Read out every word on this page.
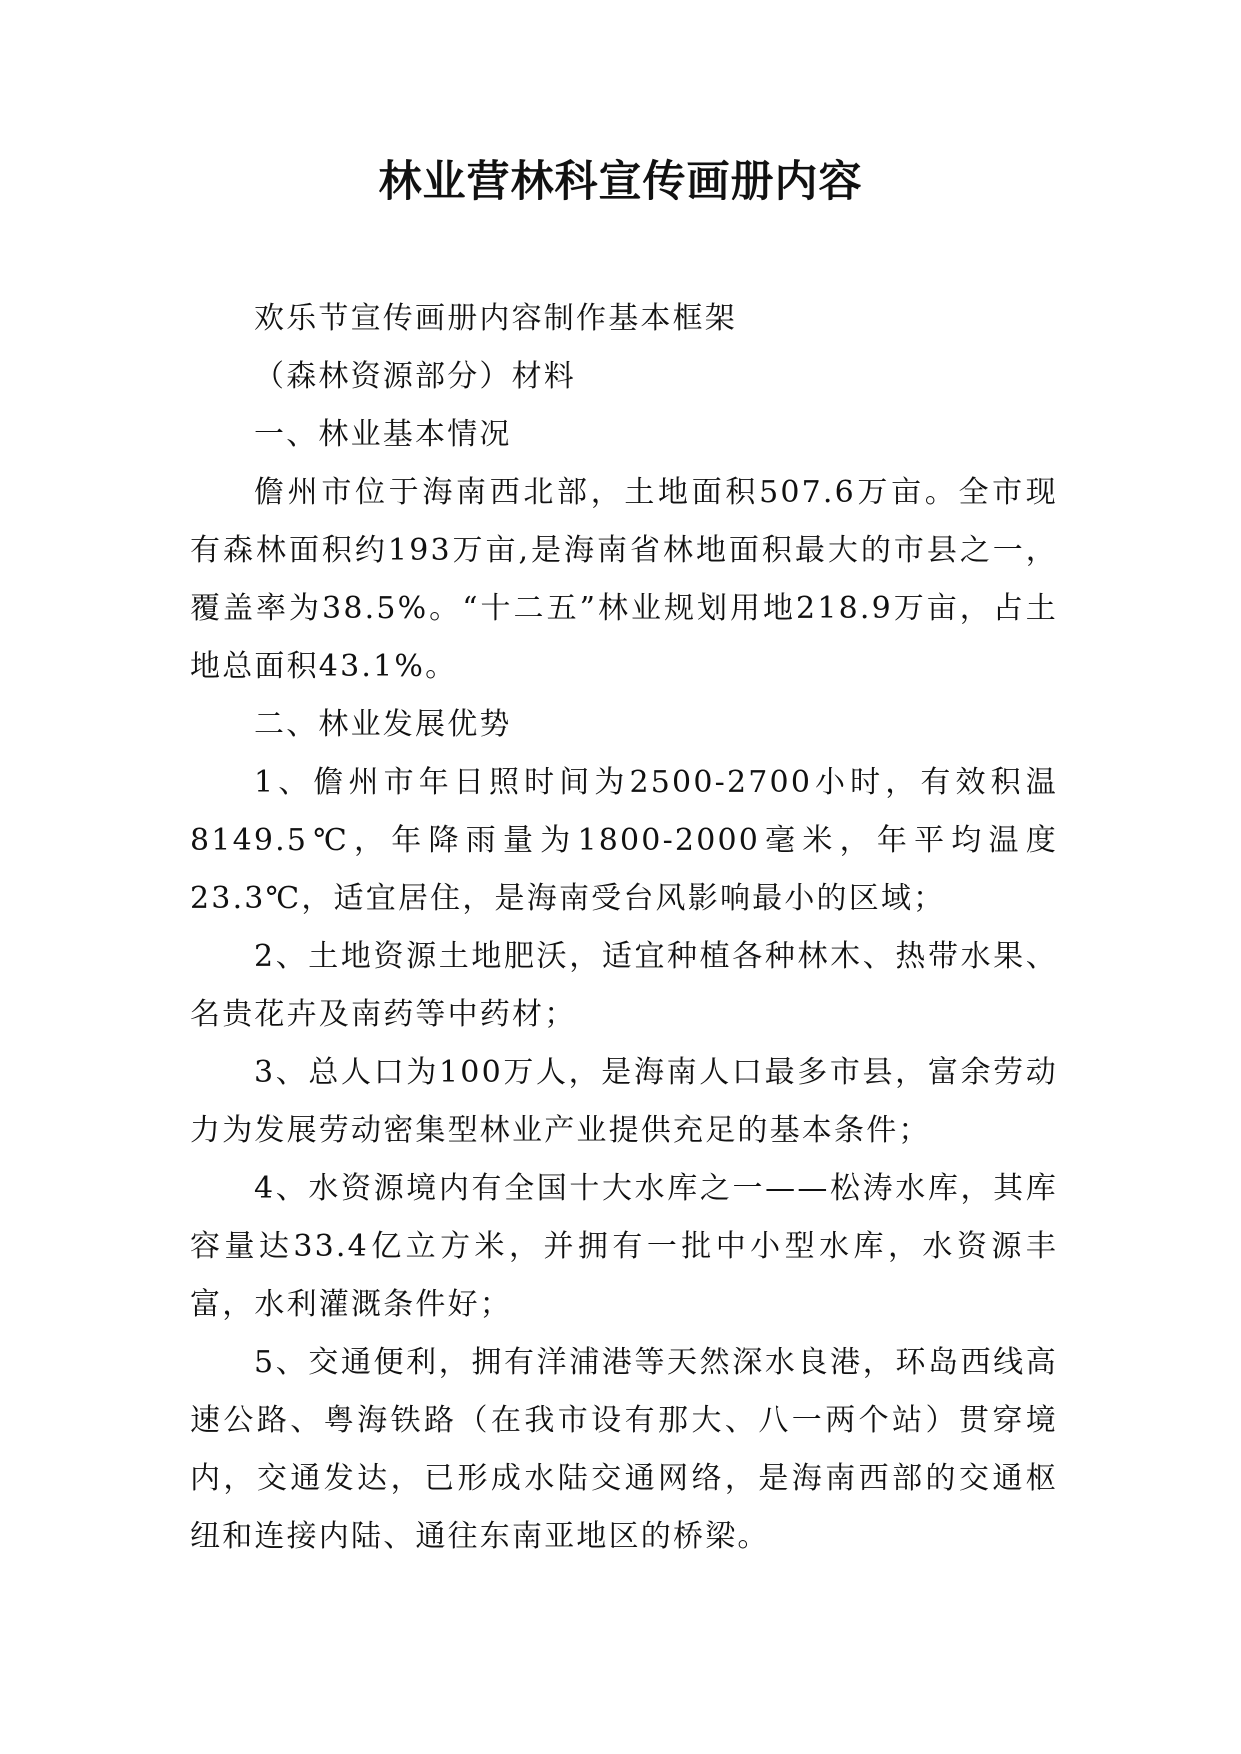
林业营林科宣传画册内容

欢乐节宣传画册内容制作基本框架

（森林资源部分）材料

一、林业基本情况

儋州市位于海南西北部，土地面积507.6万亩。全市现有森林面积约193万亩,是海南省林地面积最大的市县之一，覆盖率为38.5%。“十二五”林业规划用地218.9万亩，占土地总面积43.1%。

二、林业发展优势

1、儋州市年日照时间为2500-2700小时，有效积温8149.5℃，年降雨量为1800-2000毫米，年平均温度23.3℃，适宜居住，是海南受台风影响最小的区域；

2、土地资源土地肥沃，适宜种植各种林木、热带水果、名贵花卉及南药等中药材；

3、总人口为100万人，是海南人口最多市县，富余劳动力为发展劳动密集型林业产业提供充足的基本条件；

4、水资源境内有全国十大水库之一——松涛水库，其库容量达33.4亿立方米，并拥有一批中小型水库，水资源丰富，水利灌溉条件好；

5、交通便利，拥有洋浦港等天然深水良港，环岛西线高速公路、粤海铁路（在我市设有那大、八一两个站）贯穿境内，交通发达，已形成水陆交通网络，是海南西部的交通枢纽和连接内陆、通往东南亚地区的桥梁。
